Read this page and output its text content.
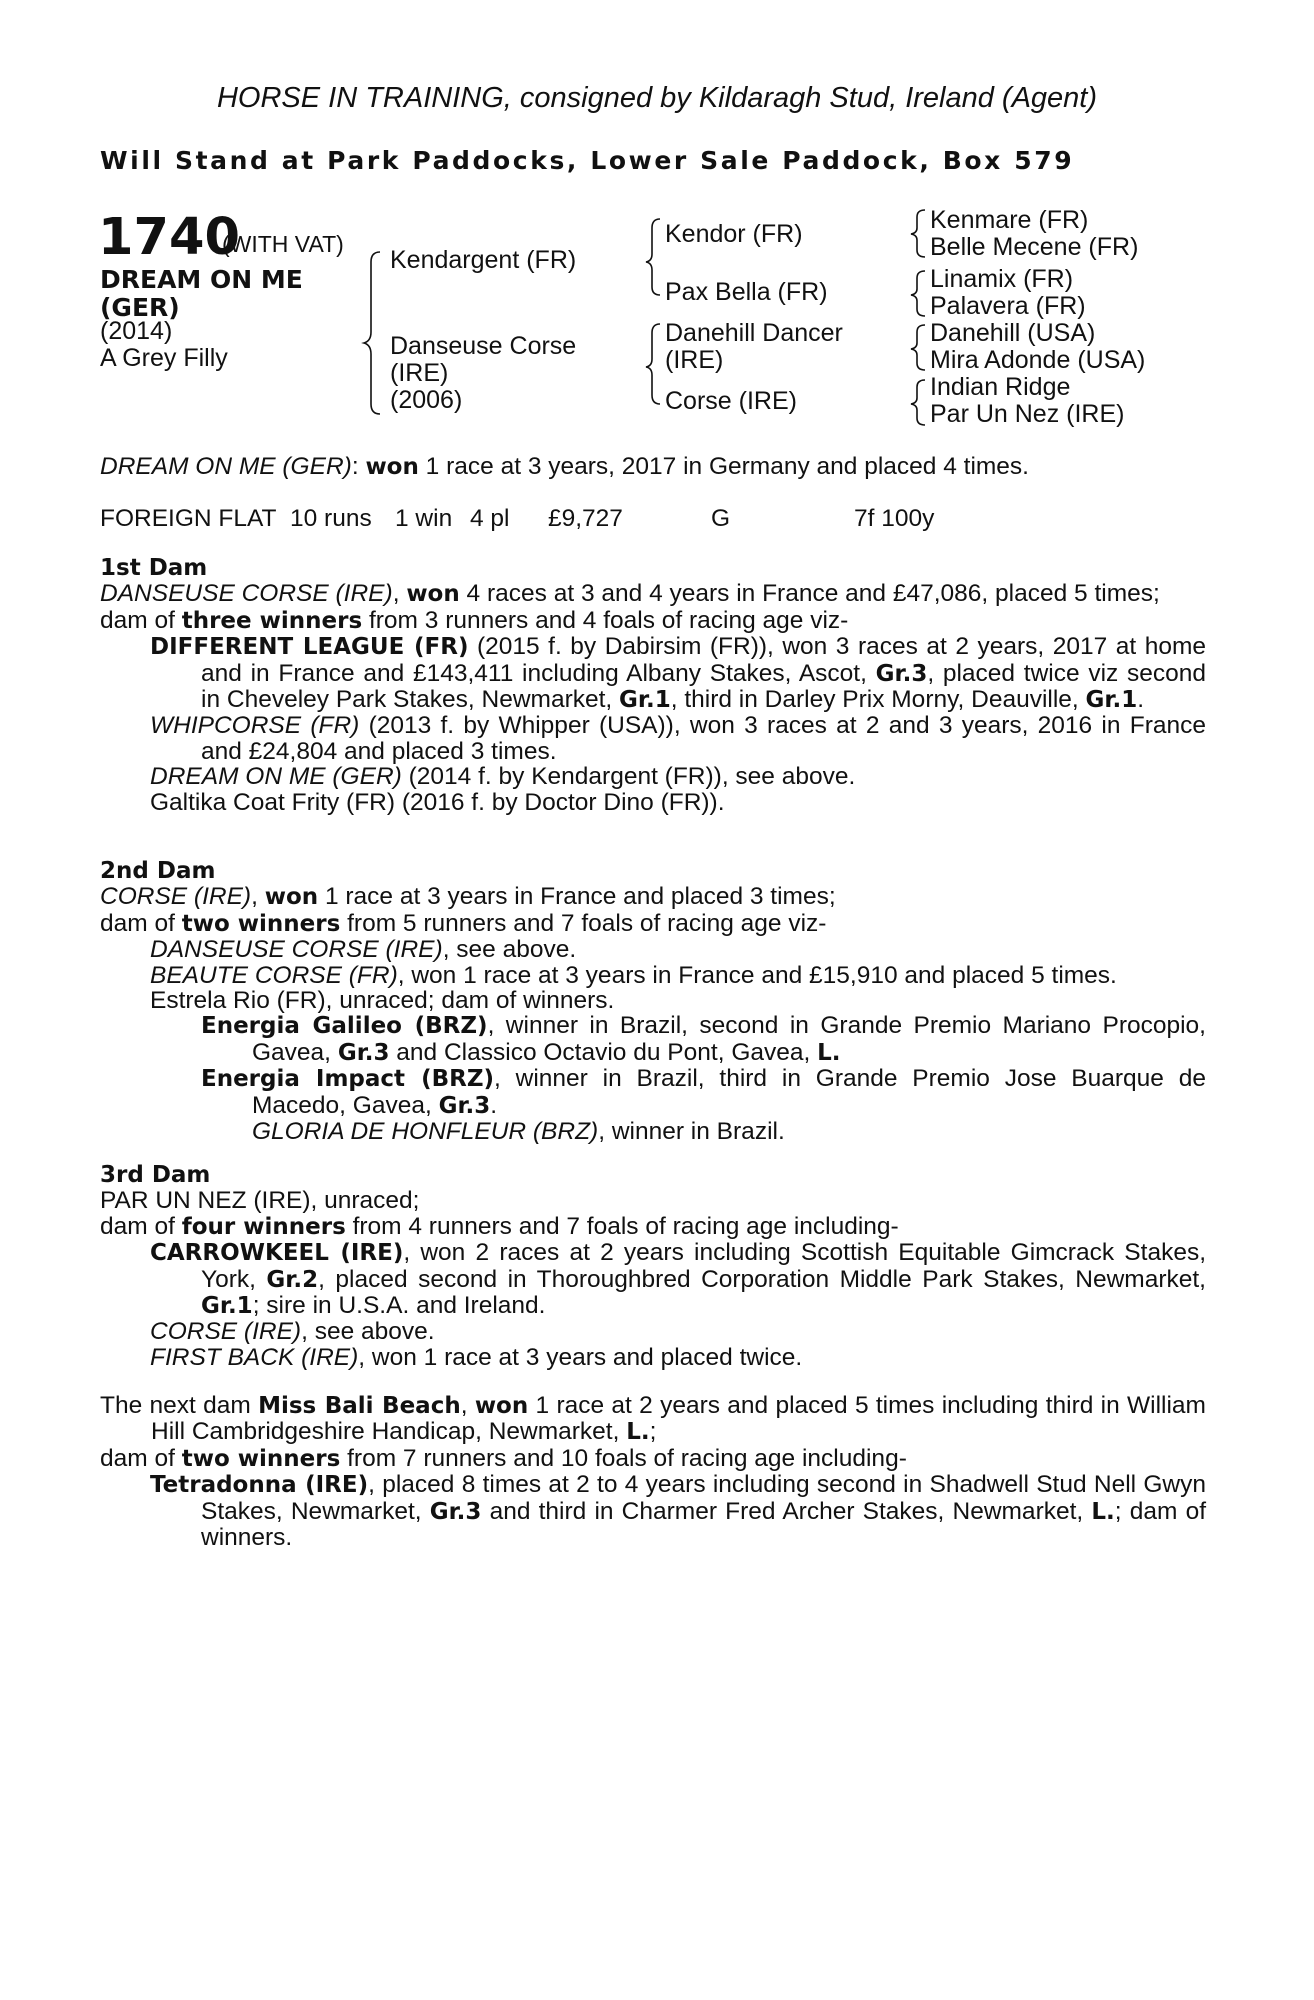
HORSE IN TRAINING, consigned by Kildaragh Stud, Ireland (Agent)
Will Stand at Park Paddocks, Lower Sale Paddock, Box 579
1740
(WITH VAT)
DREAM ON ME
(GER)
(2014)
A Grey Filly
Kendargent (FR)
Danseuse Corse
(IRE)
(2006)
Kendor (FR)
Pax Bella (FR)
Danehill Dancer
(IRE)
Corse (IRE)
Kenmare (FR)
Belle Mecene (FR)
Linamix (FR)
Palavera (FR)
Danehill (USA)
Mira Adonde (USA)
Indian Ridge
Par Un Nez (IRE)
DREAM ON ME (GER): won 1 race at 3 years, 2017 in Germany and placed 4 times.
FOREIGN FLAT 10 runs 1 win 4 pl £9,727	G	7f 100y

1st Dam

DANSEUSE CORSE (IRE), won 4 races at 3 and 4 years in France and £47,086, placed 5 times;

dam of three winners from 3 runners and 4 foals of racing age viz-

DIFFERENT LEAGUE (FR) (2015 f. by Dabirsim (FR)), won 3 races at 2 years, 2017 at home and in France and £143,411 including Albany Stakes, Ascot, Gr.3, placed twice viz second in Cheveley Park Stakes, Newmarket, Gr.1, third in Darley Prix Morny, Deauville, Gr.1.

WHIPCORSE (FR) (2013 f. by Whipper (USA)), won 3 races at 2 and 3 years, 2016 in France and £24,804 and placed 3 times.

DREAM ON ME (GER) (2014 f. by Kendargent (FR)), see above.

Galtika Coat Frity (FR) (2016 f. by Doctor Dino (FR)).

2nd Dam

CORSE (IRE), won 1 race at 3 years in France and placed 3 times;

dam of two winners from 5 runners and 7 foals of racing age viz-

DANSEUSE CORSE (IRE), see above.

BEAUTE CORSE (FR), won 1 race at 3 years in France and £15,910 and placed 5 times.

Estrela Rio (FR), unraced; dam of winners.

Energia Galileo (BRZ), winner in Brazil, second in Grande Premio Mariano Procopio, Gavea, Gr.3 and Classico Octavio du Pont, Gavea, L.

Energia Impact (BRZ), winner in Brazil, third in Grande Premio Jose Buarque de Macedo, Gavea, Gr.3.

GLORIA DE HONFLEUR (BRZ), winner in Brazil.

3rd Dam

PAR UN NEZ (IRE), unraced;

dam of four winners from 4 runners and 7 foals of racing age including-

CARROWKEEL (IRE), won 2 races at 2 years including Scottish Equitable Gimcrack Stakes, York, Gr.2, placed second in Thoroughbred Corporation Middle Park Stakes, Newmarket, Gr.1; sire in U.S.A. and Ireland.

CORSE (IRE), see above.

FIRST BACK (IRE), won 1 race at 3 years and placed twice.

The next dam Miss Bali Beach, won 1 race at 2 years and placed 5 times including third in William Hill Cambridgeshire Handicap, Newmarket, L.;

dam of two winners from 7 runners and 10 foals of racing age including-

Tetradonna (IRE), placed 8 times at 2 to 4 years including second in Shadwell Stud Nell Gwyn Stakes, Newmarket, Gr.3 and third in Charmer Fred Archer Stakes, Newmarket, L.; dam of winners.
